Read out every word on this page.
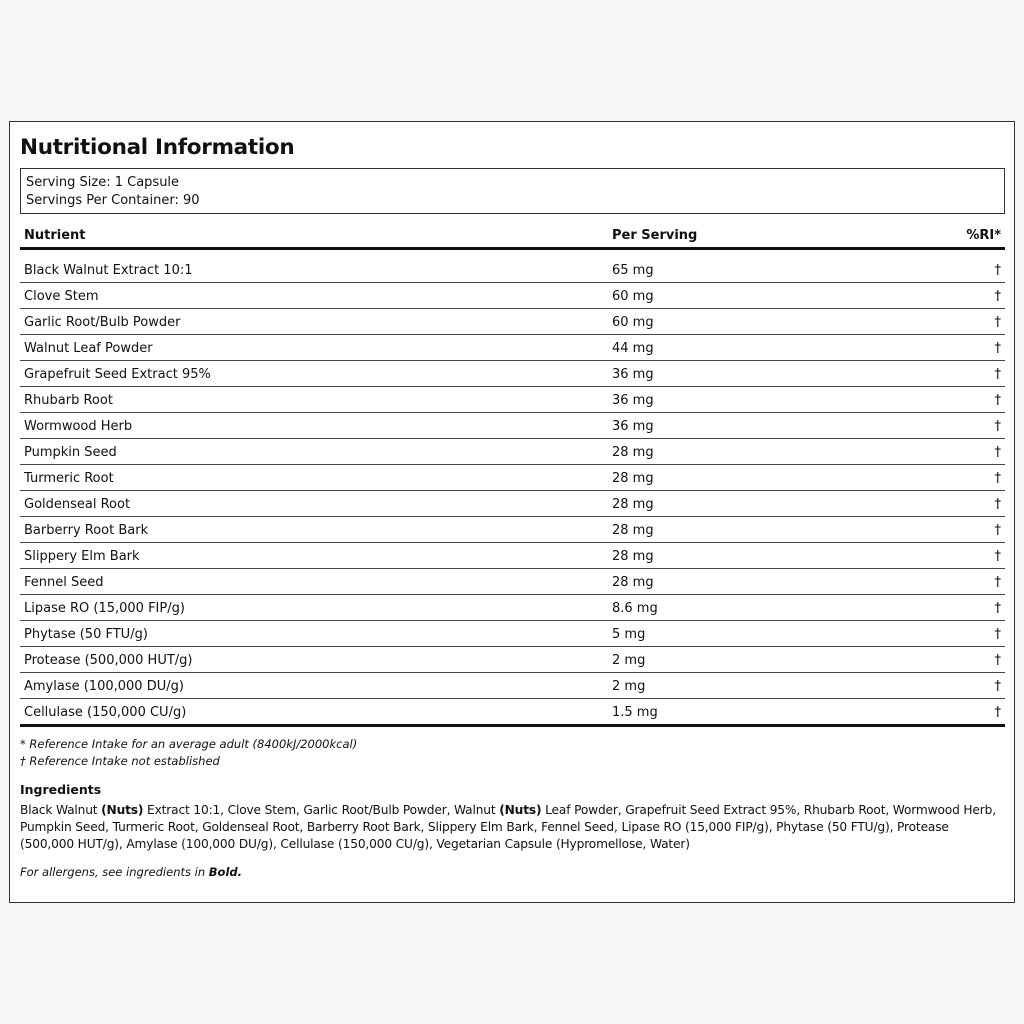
Nutritional Information
Serving Size: 1 Capsule
Servings Per Container: 90
Nutrient	Per Serving	%RI*
Black Walnut Extract 10:1	65 mg	†
Clove Stem	60 mg	†
Garlic Root/Bulb Powder	60 mg	†
Walnut Leaf Powder	44 mg	†
Grapefruit Seed Extract 95%	36 mg	†
Rhubarb Root	36 mg	†
Wormwood Herb	36 mg	†
Pumpkin Seed	28 mg	†
Turmeric Root	28 mg	†
Goldenseal Root	28 mg	†
Barberry Root Bark	28 mg	†
Slippery Elm Bark	28 mg	†
Fennel Seed	28 mg	†
Lipase RO (15,000 FIP/g)	8.6 mg	†
Phytase (50 FTU/g)	5 mg	†
Protease (500,000 HUT/g)	2 mg	†
Amylase (100,000 DU/g)	2 mg	†
Cellulase (150,000 CU/g)	1.5 mg	†
* Reference Intake for an average adult (8400kJ/2000kcal)
† Reference Intake not established
Ingredients
Black Walnut (Nuts) Extract 10:1, Clove Stem, Garlic Root/Bulb Powder, Walnut (Nuts) Leaf Powder, Grapefruit Seed Extract 95%, Rhubarb Root, Wormwood Herb, Pumpkin Seed, Turmeric Root, Goldenseal Root, Barberry Root Bark, Slippery Elm Bark, Fennel Seed, Lipase RO (15,000 FIP/g), Phytase (50 FTU/g), Protease (500,000 HUT/g), Amylase (100,000 DU/g), Cellulase (150,000 CU/g), Vegetarian Capsule (Hypromellose, Water)
For allergens, see ingredients in Bold.
